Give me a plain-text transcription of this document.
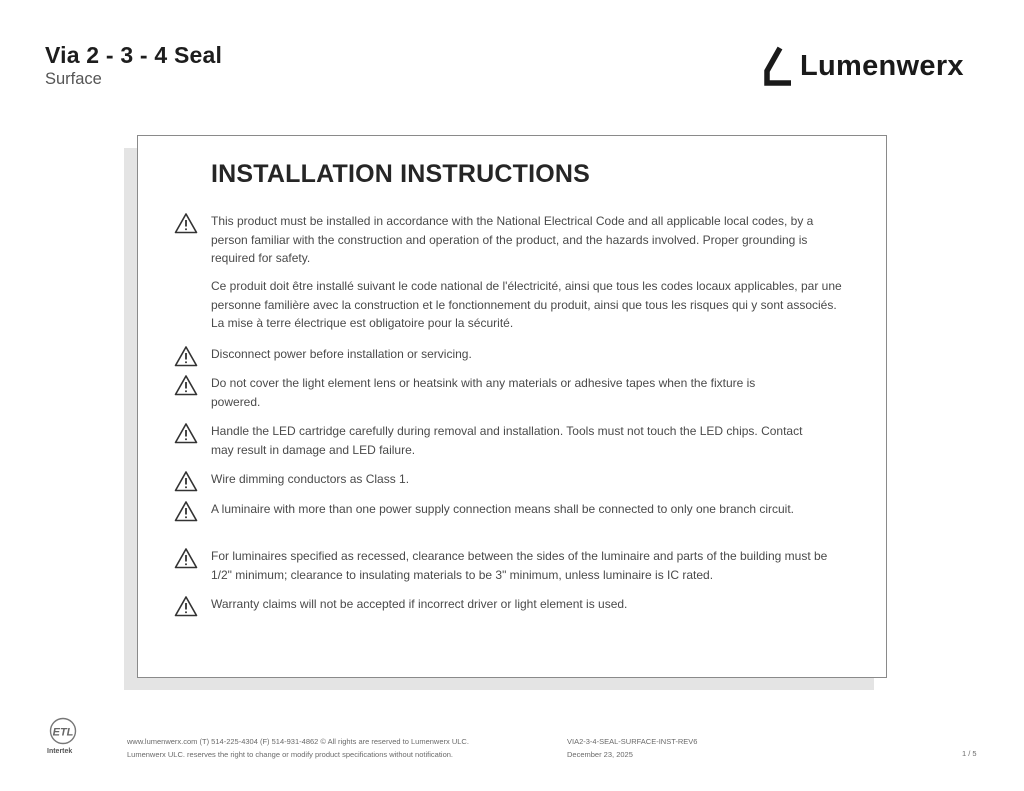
Via 2 - 3 - 4 Seal
Surface	Lumenwerx
INSTALLATION INSTRUCTIONS
This product must be installed in accordance with the National Electrical Code and all applicable local codes, by a person familiar with the construction and operation of the product, and the hazards involved. Proper grounding is required for safety.
Ce produit doit être installé suivant le code national de l'électricité, ainsi que tous les codes locaux applicables, par une personne familière avec la construction et le fonctionnement du produit, ainsi que tous les risques qui y sont associés. La mise à terre électrique est obligatoire pour la sécurité.
Disconnect power before installation or servicing.
Do not cover the light element lens or heatsink with any materials or adhesive tapes when the fixture is powered.
Handle the LED cartridge carefully during removal and installation. Tools must not touch the LED chips. Contact may result in damage and LED failure.
Wire dimming conductors as Class 1.
A luminaire with more than one power supply connection means shall be connected to only one branch circuit.
For luminaires specified as recessed, clearance between the sides of the luminaire and parts of the building must be 1/2" minimum; clearance to insulating materials to be 3" minimum, unless luminaire is IC rated.
Warranty claims will not be accepted if incorrect driver or light element is used.
ETL
Intertek
www.lumenwerx.com (T) 514-225-4304 (F) 514-931-4862 © All rights are reserved to Lumenwerx ULC.
Lumenwerx ULC. reserves the right to change or modify product specifications without notification.
VIA2-3-4-SEAL-SURFACE-INST-REV6
December 23, 2025	1 / 5
